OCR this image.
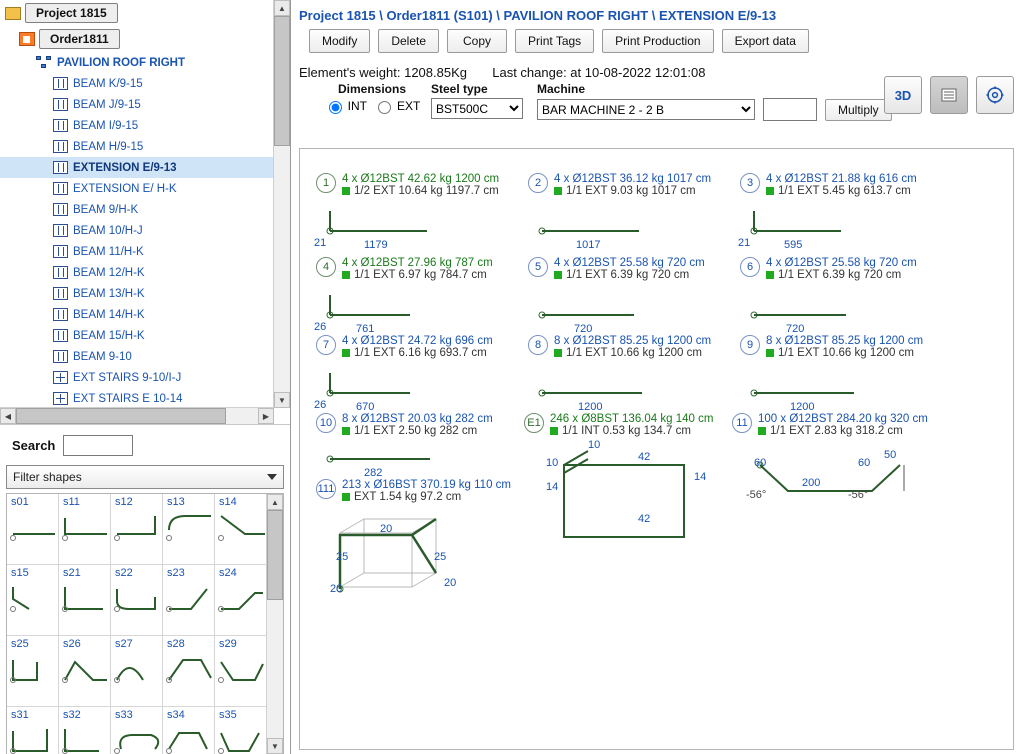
Project 1815
Order1811
PAVILION ROOF RIGHT
BEAM K/9-15
BEAM J/9-15
BEAM I/9-15
BEAM H/9-15
EXTENSION E/9-13
EXTENSION E/ H-K
BEAM 9/H-K
BEAM 10/H-J
BEAM 11/H-K
BEAM 12/H-K
BEAM 13/H-K
BEAM 14/H-K
BEAM 15/H-K
BEAM 9-10
EXT STAIRS 9-10/I-J
EXT STAIRS E 10-14
▲
▼
◀	▶
Search
Filter shapes
s01	s11	s12	s13	s14
s15	s21	s22	s23	s24
s25	s26	s27	s28	s29
s31	s32	s33	s34	s35
▲
▼
Project 1815 \ Order1811 (S101) \ PAVILION ROOF RIGHT \ EXTENSION E/9-13
Modify	Delete	Copy	Print Tags	Print Production	Export data
Element's weight: 1208.85Kg Last change: at 10-08-2022 12:01:08
Dimensions
INT	EXT
Steel type
BST500C	Machine
BAR MACHINE 2 - 2 B
Multiply
3D
1	4 x Ø12BST 42.62 kg 1200 cm
1/2 EXT 10.64 kg 1197.7 cm
21	1179
2	4 x Ø12BST 36.12 kg 1017 cm
1/1 EXT 9.03 kg 1017 cm
1017
3	4 x Ø12BST 21.88 kg 616 cm
1/1 EXT 5.45 kg 613.7 cm
21	595
4	4 x Ø12BST 27.96 kg 787 cm
1/1 EXT 6.97 kg 784.7 cm
26	761
5	4 x Ø12BST 25.58 kg 720 cm
1/1 EXT 6.39 kg 720 cm
720
6	4 x Ø12BST 25.58 kg 720 cm
1/1 EXT 6.39 kg 720 cm
720
7	4 x Ø12BST 24.72 kg 696 cm
1/1 EXT 6.16 kg 693.7 cm
26	670
8	8 x Ø12BST 85.25 kg 1200 cm
1/1 EXT 10.66 kg 1200 cm
1200
9	8 x Ø12BST 85.25 kg 1200 cm
1/1 EXT 10.66 kg 1200 cm
1200
10 8 x Ø12BST 20.03 kg 282 cm
1/1 EXT 2.50 kg 282 cm
282
E1 246 x Ø8BST 136.04 kg 140 cm
1/1 INT 0.53 kg 134.7 cm
42
42
10
14
14
10
11 100 x Ø12BST 284.20 kg 320 cm
1/1 EXT 2.83 kg 318.2 cm
60	60
200
50
-56°	-56°
111 213 x Ø16BST 370.19 kg 110 cm
EXT 1.54 kg 97.2 cm
20
25	25
20
20
